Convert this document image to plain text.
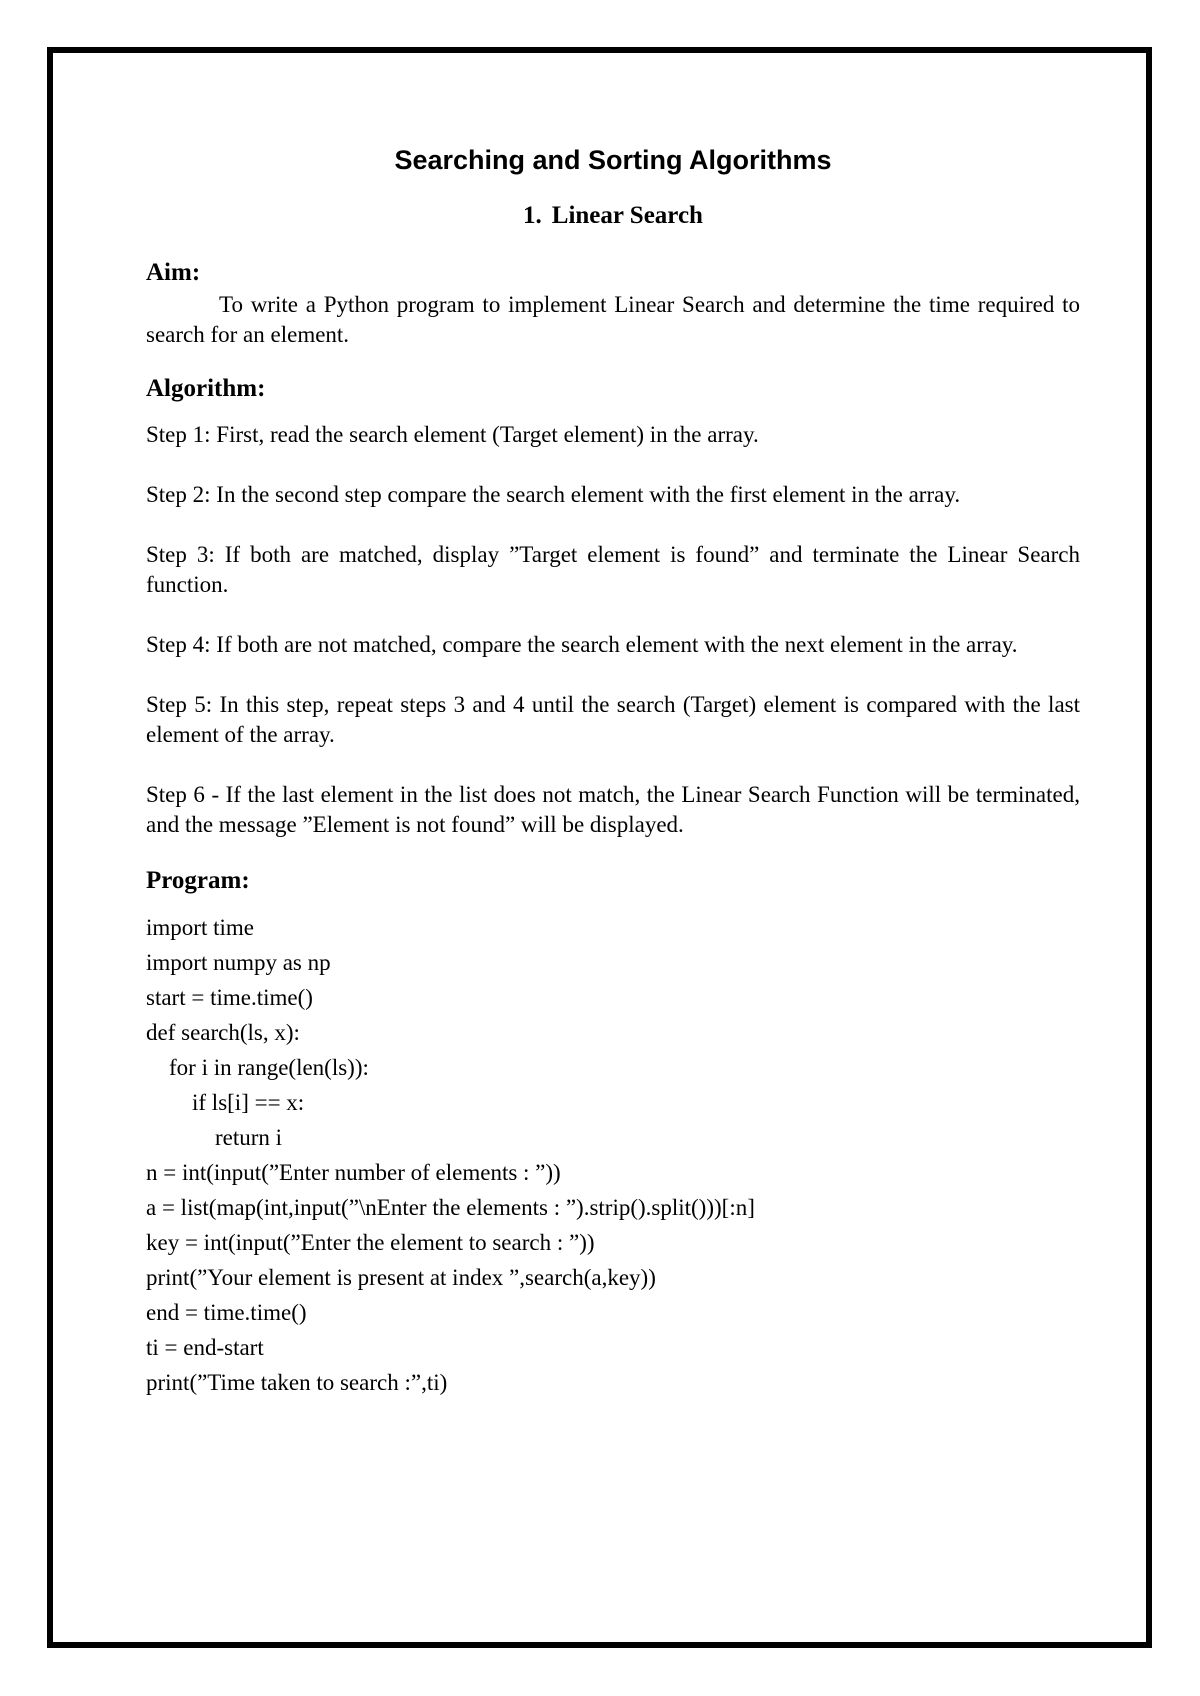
Searching and Sorting Algorithms
1. Linear Search

Aim:

To write a Python program to implement Linear Search and determine the time required to search for an element.

Algorithm:

Step 1: First, read the search element (Target element) in the array.

Step 2: In the second step compare the search element with the first element in the array.

Step 3: If both are matched, display ”Target element is found” and terminate the Linear Search function.

Step 4: If both are not matched, compare the search element with the next element in the array.

Step 5: In this step, repeat steps 3 and 4 until the search (Target) element is compared with the last element of the array.

Step 6 - If the last element in the list does not match, the Linear Search Function will be terminated, and the message ”Element is not found” will be displayed.

Program:

import time

import numpy as np

start = time.time()

def search(ls, x):

for i in range(len(ls)):

if ls[i] == x:

return i

n = int(input(”Enter number of elements : ”))

a = list(map(int,input(”\nEnter the elements : ”).strip().split()))[:n]

key = int(input(”Enter the element to search : ”))

print(”Your element is present at index ”,search(a,key))

end = time.time()

ti = end-start

print(”Time taken to search :”,ti)
